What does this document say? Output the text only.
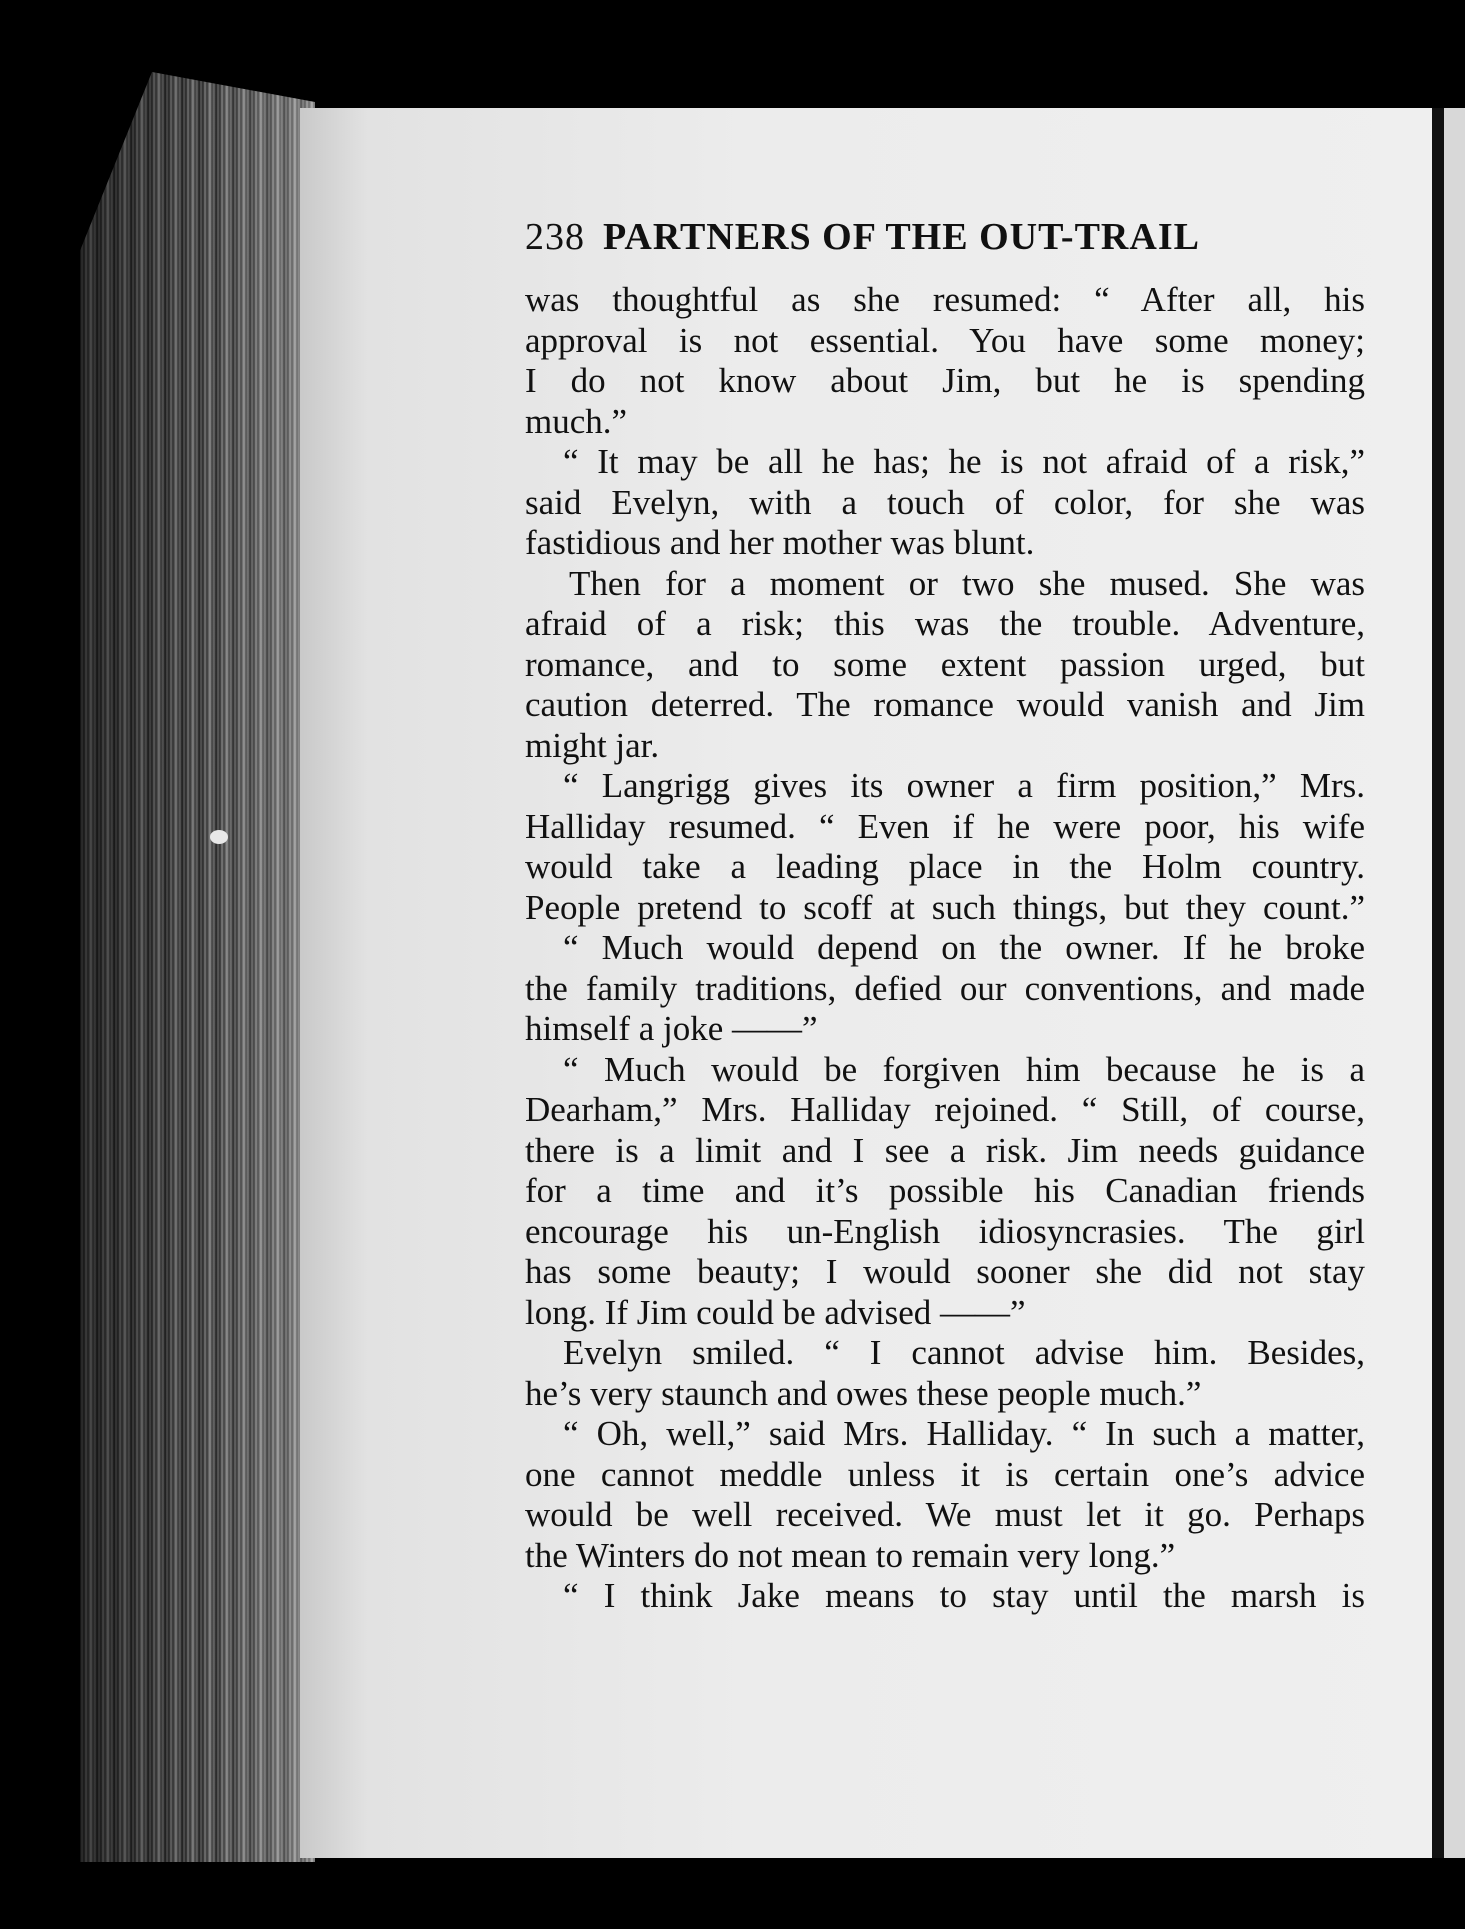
238 PARTNERS OF THE OUT-TRAIL
was thoughtful as she resumed: “ After all, his
approval is not essential. You have some money;
I do not know about Jim, but he is spending
much.”
“ It may be all he has; he is not afraid of a risk,”
said Evelyn, with a touch of color, for she was
fastidious and her mother was blunt.
Then for a moment or two she mused. She was
afraid of a risk; this was the trouble. Adventure,
romance, and to some extent passion urged, but
caution deterred. The romance would vanish and Jim
might jar.
“ Langrigg gives its owner a firm position,” Mrs.
Halliday resumed. “ Even if he were poor, his wife
would take a leading place in the Holm country.
People pretend to scoff at such things, but they count.”
“ Much would depend on the owner. If he broke
the family traditions, defied our conventions, and made
himself a joke ——”
“ Much would be forgiven him because he is a
Dearham,” Mrs. Halliday rejoined. “ Still, of course,
there is a limit and I see a risk. Jim needs guidance
for a time and it’s possible his Canadian friends
encourage his un-English idiosyncrasies. The girl
has some beauty; I would sooner she did not stay
long. If Jim could be advised ——”
Evelyn smiled. “ I cannot advise him. Besides,
he’s very staunch and owes these people much.”
“ Oh, well,” said Mrs. Halliday. “ In such a matter,
one cannot meddle unless it is certain one’s advice
would be well received. We must let it go. Perhaps
the Winters do not mean to remain very long.”
“ I think Jake means to stay until the marsh is
